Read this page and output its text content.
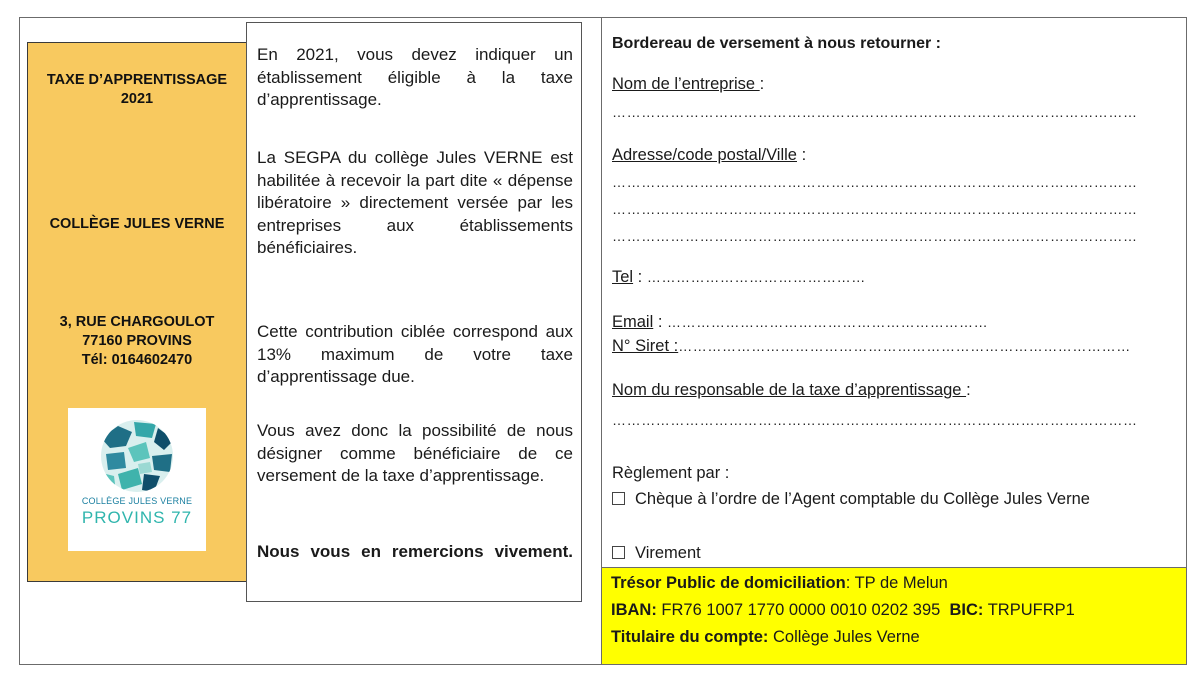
TAXE D’APPRENTISSAGE
2021
COLLÈGE JULES VERNE
3, RUE CHARGOULOT
77160 PROVINS
Tél: 0164602470
COLLÈGE JULES VERNE
PROVINS 77
En 2021, vous devez indiquer un établissement éligible à la taxe d’apprentissage.
La SEGPA du collège Jules VERNE est habilitée à recevoir la part dite « dépense libératoire » directement versée par les entreprises aux établissements bénéficiaires.
Cette contribution ciblée correspond aux 13% maximum de votre taxe d’apprentissage due.
Vous avez donc la possibilité de nous désigner comme bénéficiaire de ce versement de la taxe d’apprentissage.
Nous vous en remercions vivement.
Bordereau de versement à nous retourner :
Nom de l’entreprise :
………………………………………………………………………………………………
Adresse/code postal/Ville :
………………………………………………………………………………………………
………………………………………………………………………………………………
………………………………………………………………………………………………
Tel : ………………………………………
Email : …………………………………………………………
N° Siret :…………………………………………………………………………………
Nom du responsable de la taxe d’apprentissage :
………………………………………………………………………………………………
Règlement par :
Chèque à l’ordre de l’Agent comptable du Collège Jules Verne
Virement
Trésor Public de domiciliation: TP de Melun
IBAN: FR76 1007 1770 0000 0010 0202 395  BIC: TRPUFRP1
Titulaire du compte: Collège Jules Verne
